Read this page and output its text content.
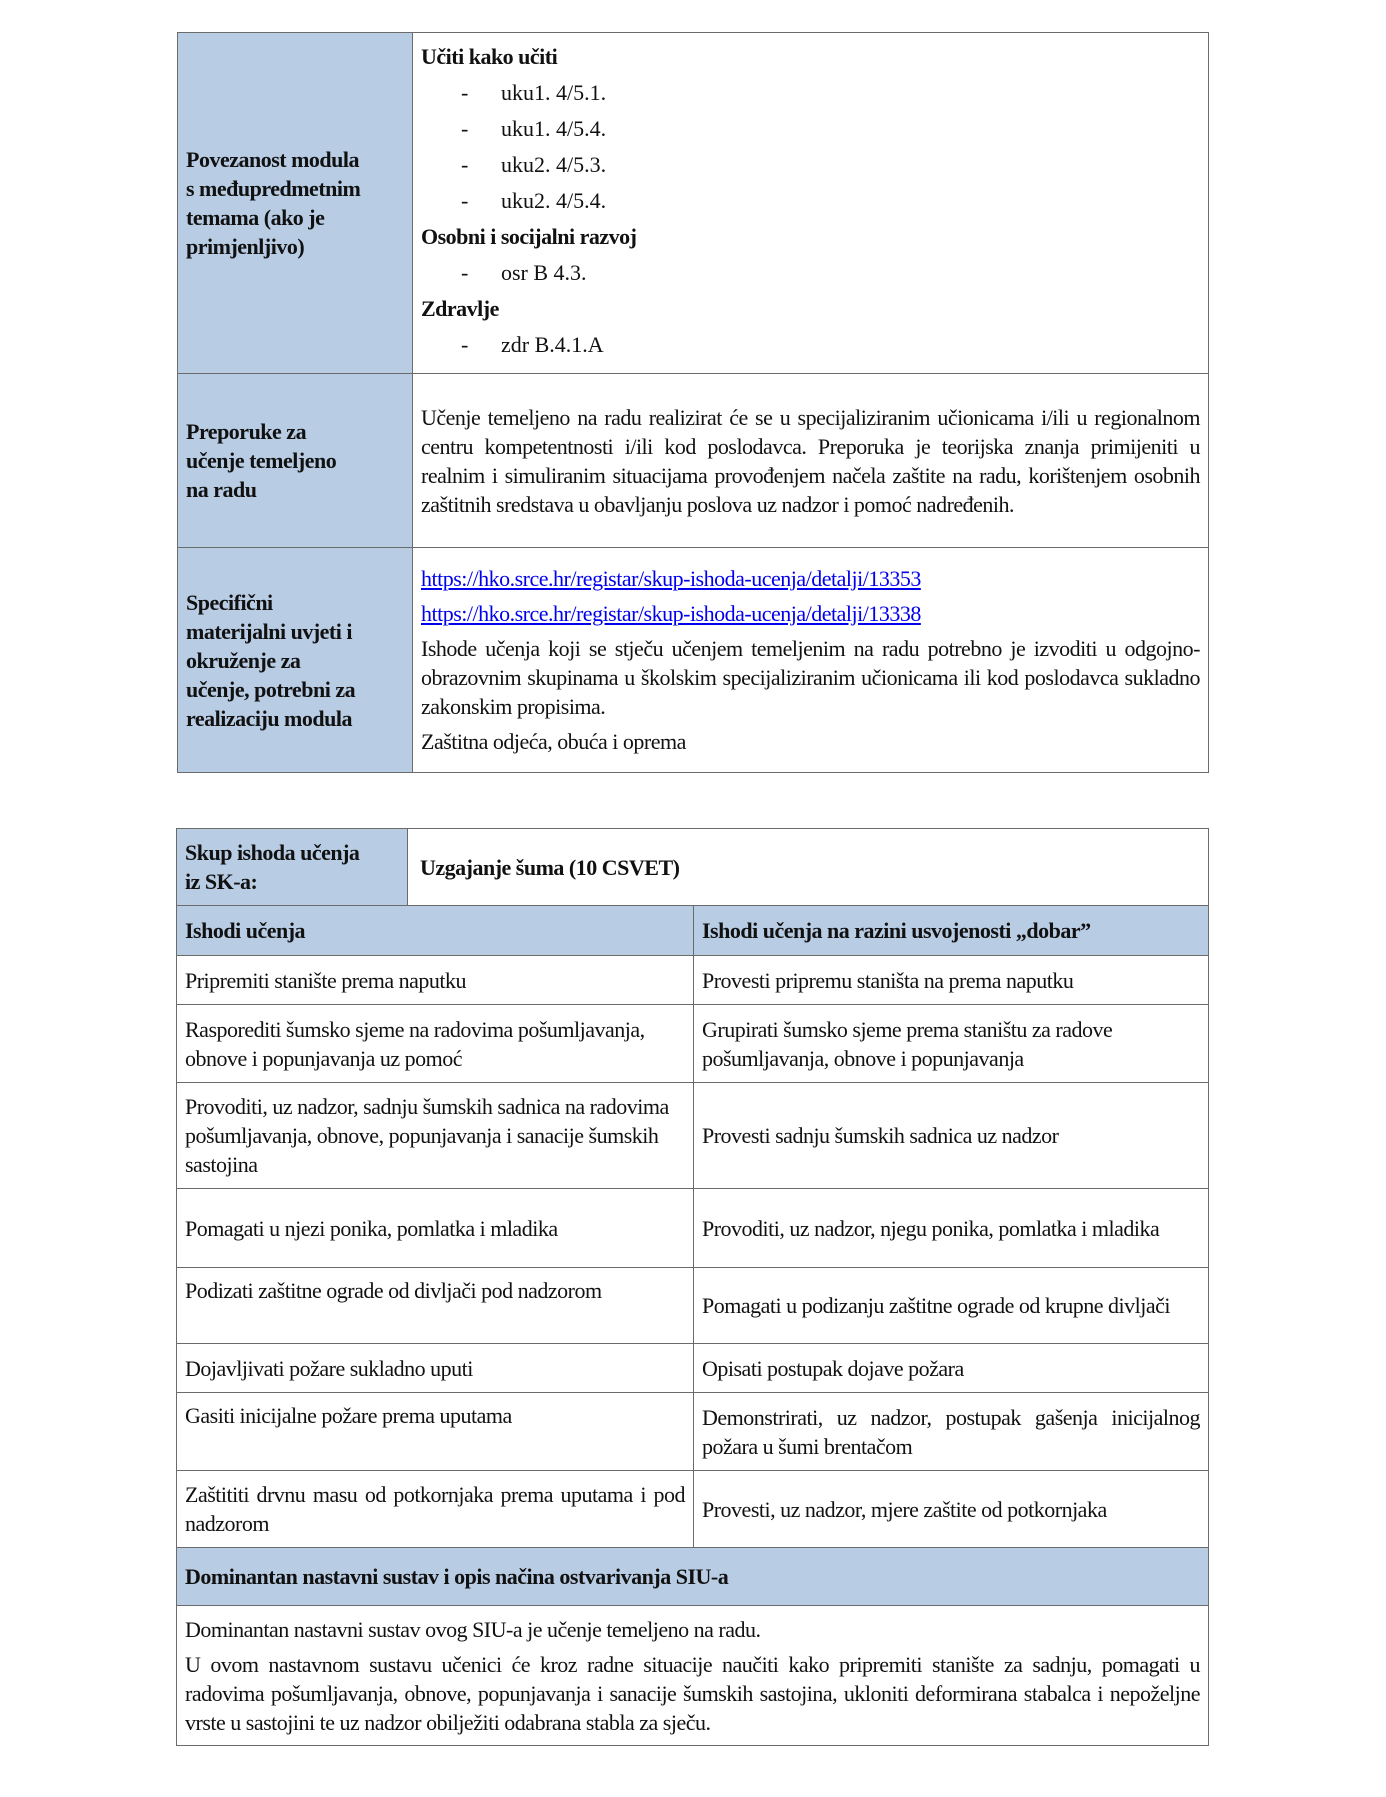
Povezanost modula
s međupredmetnim
temama (ako je
primjenljivo)

Učiti kako učiti
-	uku1. 4/5.1.
-	uku1. 4/5.4.
-	uku2. 4/5.3.
-	uku2. 4/5.4.
Osobni i socijalni razvoj
-	osr B 4.3.
Zdravlje
-	zdr B.4.1.A

Preporuke za
učenje temeljeno
na radu

Učenje temeljeno na radu realizirat će se u specijaliziranim učionicama i/ili u regionalnom centru kompetentnosti i/ili kod poslodavca. Preporuka je teorijska znanja primijeniti u realnim i simuliranim situacijama provođenjem načela zaštite na radu, korištenjem osobnih zaštitnih sredstava u obavljanju poslova uz nadzor i pomoć nadređenih.

Specifični
materijalni uvjeti i
okruženje za
učenje, potrebni za
realizaciju modula

https://hko.srce.hr/registar/skup-ishoda-ucenja/detalji/13353

https://hko.srce.hr/registar/skup-ishoda-ucenja/detalji/13338

Ishode učenja koji se stječu učenjem temeljenim na radu potrebno je izvoditi u odgojno-obrazovnim skupinama u školskim specijaliziranim učionicama ili kod poslodavca sukladno zakonskim propisima.

Zaštitna odjeća, obuća i oprema

Skup ishoda učenja
iz SK-a:	Uzgajanje šuma (10 CSVET)	
Ishodi učenja		Ishodi učenja na razini usvojenosti „dobar”
Pripremiti stanište prema naputku		Provesti pripremu staništa na prema naputku

Rasporediti šumsko sjeme na radovima pošumljavanja, obnove i popunjavanja uz pomoć		Grupirati šumsko sjeme prema staništu za radove pošumljavanja, obnove i popunjavanja

Provoditi, uz nadzor, sadnju šumskih sadnica na radovima pošumljavanja, obnove, popunjavanja i sanacije šumskih sastojina		Provesti sadnju šumskih sadnica uz nadzor

Pomagati u njezi ponika, pomlatka i mladika		Provoditi, uz nadzor, njegu ponika, pomlatka i mladika

Podizati zaštitne ograde od divljači pod nadzorom		Pomagati u podizanju zaštitne ograde od krupne divljači

Dojavljivati požare sukladno uputi		Opisati postupak dojave požara

Gasiti inicijalne požare prema uputama		Demonstrirati, uz nadzor, postupak gašenja inicijalnog požara u šumi brentačom

Zaštititi drvnu masu od potkornjaka prema uputama i pod nadzorom		Provesti, uz nadzor, mjere zaštite od potkornjaka

Dominantan nastavni sustav i opis načina ostvarivanja SIU-a		

Dominantan nastavni sustav ovog SIU-a je učenje temeljeno na radu.

U ovom nastavnom sustavu učenici će kroz radne situacije naučiti kako pripremiti stanište za sadnju, pomagati u radovima pošumljavanja, obnove, popunjavanja i sanacije šumskih sastojina, ukloniti deformirana stabalca i nepoželjne vrste u sastojini te uz nadzor obilježiti odabrana stabla za sječu.		
